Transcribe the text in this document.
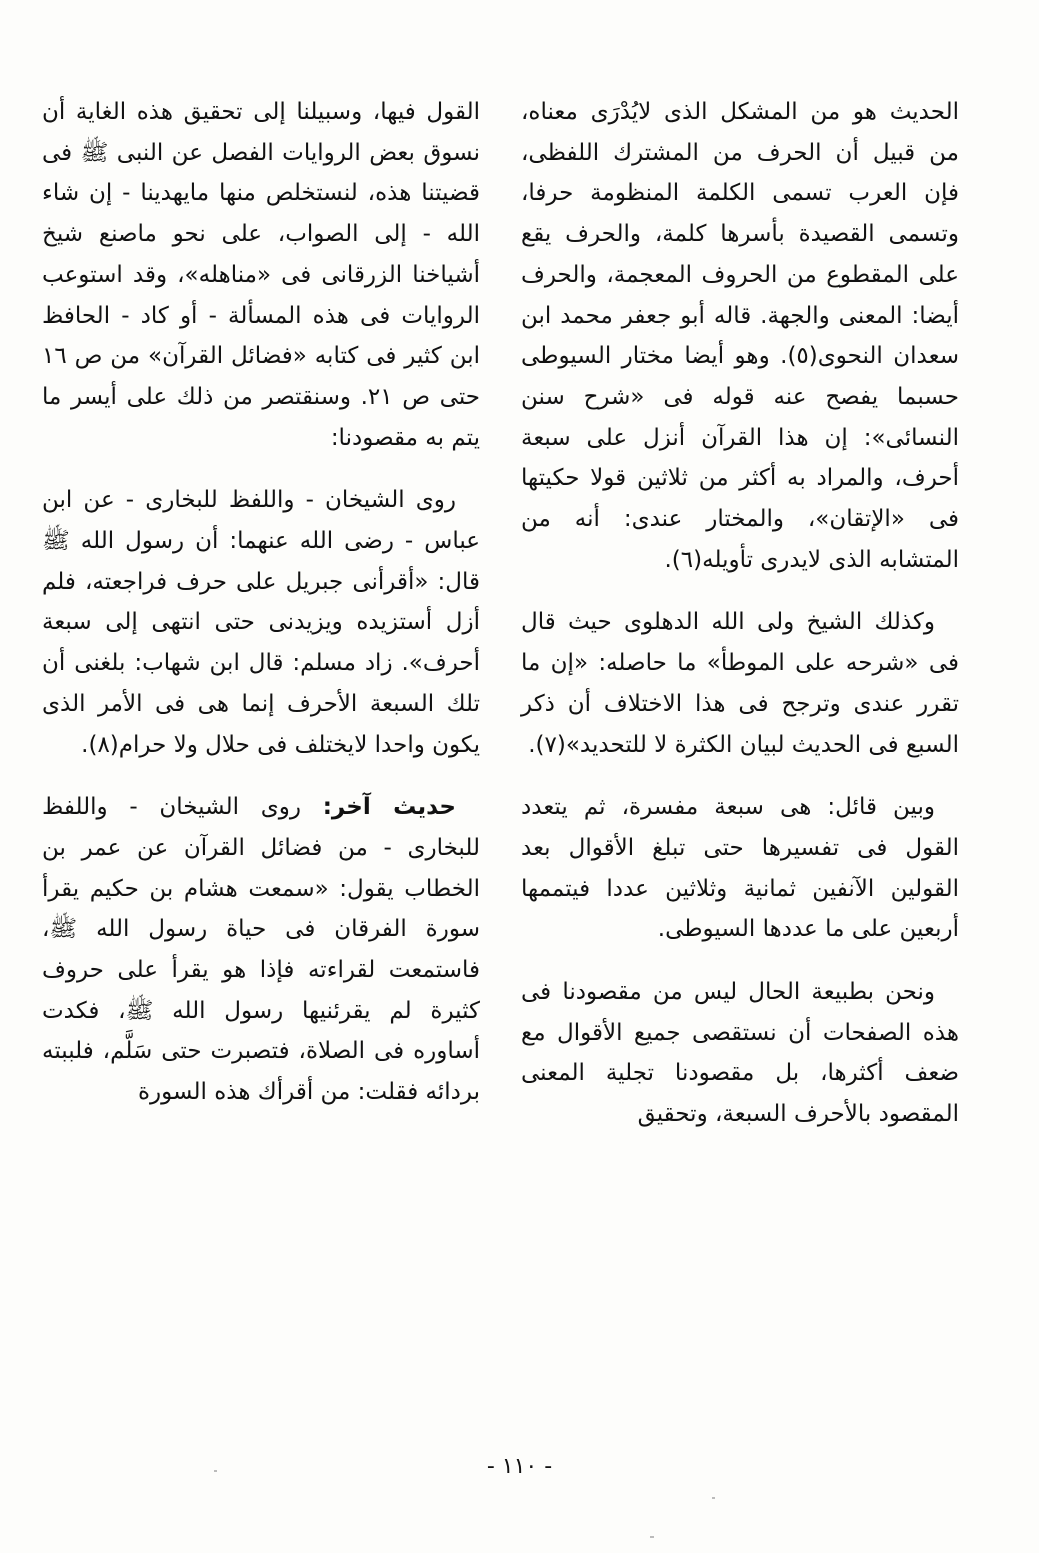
الحديث هو من المشكل الذى لايُدْرَى معناه، من قبيل أن الحرف من المشترك اللفظى، فإن العرب تسمى الكلمة المنظومة حرفا، وتسمى القصيدة بأسرها كلمة، والحرف يقع على المقطوع من الحروف المعجمة، والحرف أيضا: المعنى والجهة. قاله أبو جعفر محمد ابن سعدان النحوى(٥). وهو أيضا مختار السيوطى حسبما يفصح عنه قوله فى «شرح سنن النسائى»: إن هذا القرآن أنزل على سبعة أحرف، والمراد به أكثر من ثلاثين قولا حكيتها فى «الإتقان»، والمختار عندى: أنه من المتشابه الذى لايدرى تأويله(٦).

وكذلك الشيخ ولى الله الدهلوى حيث قال فى «شرحه على الموطأ» ما حاصله: «إن ما تقرر عندى وترجح فى هذا الاختلاف أن ذكر السبع فى الحديث لبيان الكثرة لا للتحديد»(٧).

وبين قائل: هى سبعة مفسرة، ثم يتعدد القول فى تفسيرها حتى تبلغ الأقوال بعد القولين الآنفين ثمانية وثلاثين عددا فيتممها أربعين على ما عددها السيوطى.

ونحن بطبيعة الحال ليس من مقصودنا فى هذه الصفحات أن نستقصى جميع الأقوال مع ضعف أكثرها، بل مقصودنا تجلية المعنى المقصود بالأحرف السبعة، وتحقيق

القول فيها، وسبيلنا إلى تحقيق هذه الغاية أن نسوق بعض الروايات الفصل عن النبى ﷺ فى قضيتنا هذه، لنستخلص منها مايهدينا - إن شاء الله - إلى الصواب، على نحو ماصنع شيخ أشياخنا الزرقانى فى «مناهله»، وقد استوعب الروايات فى هذه المسألة - أو كاد - الحافظ ابن كثير فى كتابه «فضائل القرآن» من ص ١٦ حتى ص ٢١. وسنقتصر من ذلك على أيسر ما يتم به مقصودنا:

روى الشيخان - واللفظ للبخارى - عن ابن عباس - رضى الله عنهما: أن رسول الله ﷺ قال: «أقرأنى جبريل على حرف فراجعته، فلم أزل أستزيده ويزيدنى حتى انتهى إلى سبعة أحرف». زاد مسلم: قال ابن شهاب: بلغنى أن تلك السبعة الأحرف إنما هى فى الأمر الذى يكون واحدا لايختلف فى حلال ولا حرام(٨).

حديث آخر: روى الشيخان - واللفظ للبخارى - من فضائل القرآن عن عمر بن الخطاب يقول: «سمعت هشام بن حكيم يقرأ سورة الفرقان فى حياة رسول الله ﷺ، فاستمعت لقراءته فإذا هو يقرأ على حروف كثيرة لم يقرئنيها رسول الله ﷺ، فكدت أساوره فى الصلاة، فتصبرت حتى سَلَّم، فلببته بردائه فقلت: من أقرأك هذه السورة

- ١١٠ -
